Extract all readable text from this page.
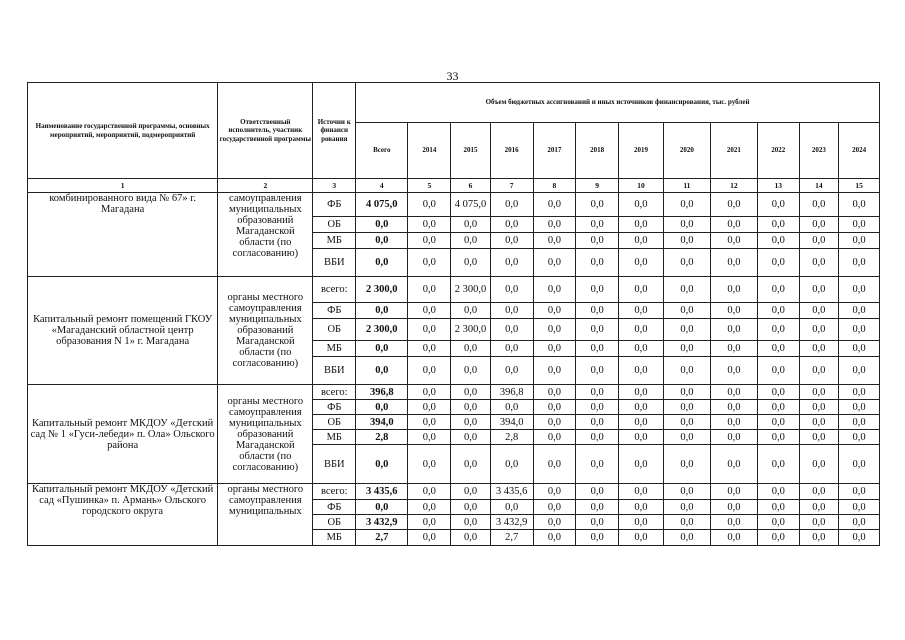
33
Наименование государственной программы, основных мероприятий, мероприятий, подмероприятий	Ответственный исполнитель, участник государственной программы	Источни к финанси рования	Объем бюджетных ассигнований и иных источников финансирования, тыс. рублей											
			Всего	2014	2015	2016	2017	2018	2019	2020	2021	2022	2023	2024
1	2	3	4	5	6	7	8	9	10	11	12	13	14	15
комбинированного вида № 67» г. Магадана	самоуправления муниципальных образований Магаданской области (по согласованию)	ФБ	4 075,0	0,0	4 075,0	0,0	0,0	0,0	0,0	0,0	0,0	0,0	0,0	0,0
		ОБ	0,0	0,0	0,0	0,0	0,0	0,0	0,0	0,0	0,0	0,0	0,0	0,0
		МБ	0,0	0,0	0,0	0,0	0,0	0,0	0,0	0,0	0,0	0,0	0,0	0,0
		ВБИ	0,0	0,0	0,0	0,0	0,0	0,0	0,0	0,0	0,0	0,0	0,0	0,0
Капитальный ремонт помещений ГКОУ «Магаданский областной центр образования N 1» г. Магадана	органы местного самоуправления муниципальных образований Магаданской области (по согласованию)	всего:	2 300,0	0,0	2 300,0	0,0	0,0	0,0	0,0	0,0	0,0	0,0	0,0	0,0
		ФБ	0,0	0,0	0,0	0,0	0,0	0,0	0,0	0,0	0,0	0,0	0,0	0,0
		ОБ	2 300,0	0,0	2 300,0	0,0	0,0	0,0	0,0	0,0	0,0	0,0	0,0	0,0
		МБ	0,0	0,0	0,0	0,0	0,0	0,0	0,0	0,0	0,0	0,0	0,0	0,0
		ВБИ	0,0	0,0	0,0	0,0	0,0	0,0	0,0	0,0	0,0	0,0	0,0	0,0
Капитальный ремонт МКДОУ «Детский сад № 1 «Гуси-лебеди» п. Ола» Ольского района	органы местного самоуправления муниципальных образований Магаданской области (по согласованию)	всего:	396,8	0,0	0,0	396,8	0,0	0,0	0,0	0,0	0,0	0,0	0,0	0,0
		ФБ	0,0	0,0	0,0	0,0	0,0	0,0	0,0	0,0	0,0	0,0	0,0	0,0
		ОБ	394,0	0,0	0,0	394,0	0,0	0,0	0,0	0,0	0,0	0,0	0,0	0,0
		МБ	2,8	0,0	0,0	2,8	0,0	0,0	0,0	0,0	0,0	0,0	0,0	0,0
		ВБИ	0,0	0,0	0,0	0,0	0,0	0,0	0,0	0,0	0,0	0,0	0,0	0,0
Капитальный ремонт МКДОУ «Детский сад «Пушинка» п. Армань» Ольского городского округа	органы местного самоуправления муниципальных	всего:	3 435,6	0,0	0,0	3 435,6	0,0	0,0	0,0	0,0	0,0	0,0	0,0	0,0
		ФБ	0,0	0,0	0,0	0,0	0,0	0,0	0,0	0,0	0,0	0,0	0,0	0,0
		ОБ	3 432,9	0,0	0,0	3 432,9	0,0	0,0	0,0	0,0	0,0	0,0	0,0	0,0
		МБ	2,7	0,0	0,0	2,7	0,0	0,0	0,0	0,0	0,0	0,0	0,0	0,0
